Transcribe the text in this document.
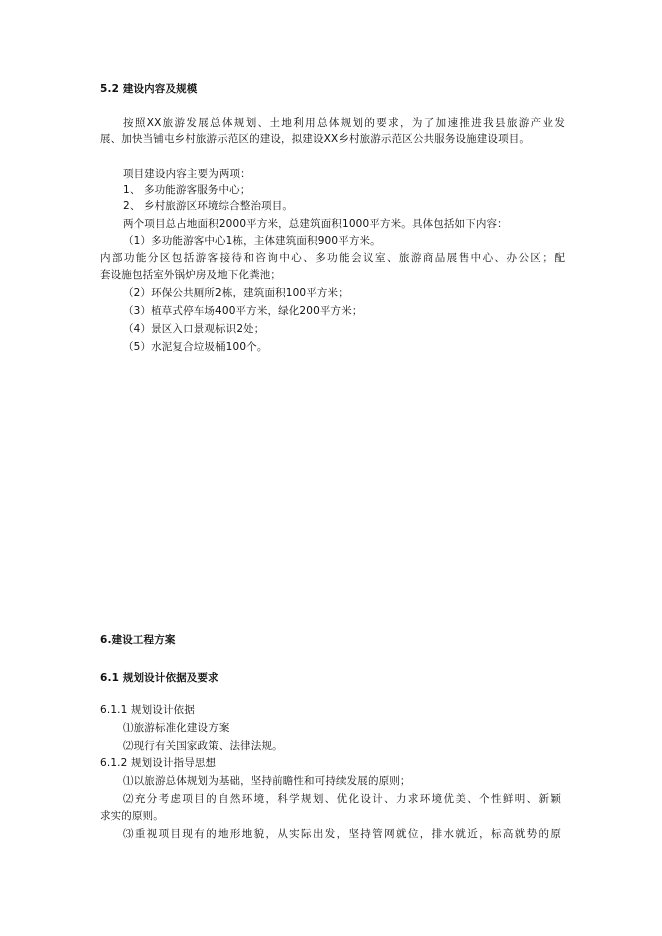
5.2 建设内容及规模
按照XX旅游发展总体规划、土地利用总体规划的要求，为了加速推进我县旅游产业发
展、加快当铺屯乡村旅游示范区的建设，拟建设XX乡村旅游示范区公共服务设施建设项目。
项目建设内容主要为两项：
1、 多功能游客服务中心；
2、 乡村旅游区环境综合整治项目。
两个项目总占地面积2000平方米，总建筑面积1000平方米。具体包括如下内容：
（1）多功能游客中心1栋，主体建筑面积900平方米。
内部功能分区包括游客接待和咨询中心、多功能会议室、旅游商品展售中心、办公区；配
套设施包括室外锅炉房及地下化粪池；
（2）环保公共厕所2栋，建筑面积100平方米；
（3）植草式停车场400平方米，绿化200平方米；
（4）景区入口景观标识2处；
（5）水泥复合垃圾桶100个。
6.建设工程方案
6.1 规划设计依据及要求
6.1.1 规划设计依据
⑴旅游标准化建设方案
⑵现行有关国家政策、法律法规。
6.1.2 规划设计指导思想
⑴以旅游总体规划为基础，坚持前瞻性和可持续发展的原则；
⑵充分考虑项目的自然环境，科学规划、优化设计、力求环境优美、个性鲜明、新颖
求实的原则。
⑶重视项目现有的地形地貌，从实际出发，坚持管网就位，排水就近，标高就势的原
